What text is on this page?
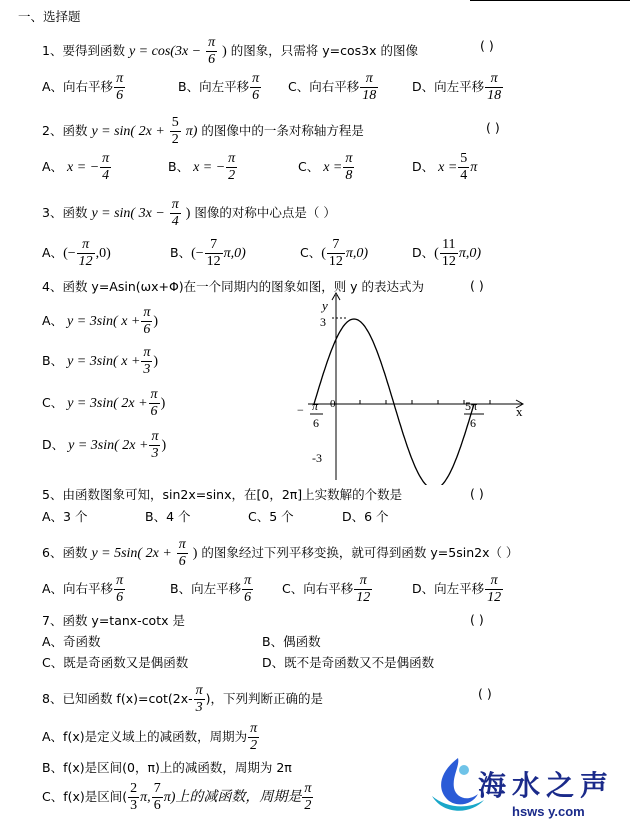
一、选择题
1、要得到函数 $y = \cos(3x - \frac{\pi}{6}$ ) 的图象，只需将 y=cos3x 的图像	( )
A、向右平移 $\frac{\pi}{6}$	B、向左平移 $\frac{\pi}{6}$ C、向右平移 $\frac{\pi}{18}$	D、向左平移 $\frac{\pi}{18}$
2、函数 y = sin( $2x + \frac{5}{2} \pi$) 的图像中的一条对称轴方程是	( )
A、 x = − $\frac{\pi}{4}$	B、 x = − $\frac{\pi}{2}$	C、 $x = \frac{\pi}{8}$	D、 $x = \frac{5}{4}$ π
3、函数 y = sin( $3x - \frac{\pi}{4}$ ) 图像的对称中心点是（ ）
A、(− $\frac{\pi}{12} ,0$)	B、(− $\frac{7}{12} \pi,0$)	C、( $\frac{7}{12} \pi,0$)	D、( $\frac{11}{12} \pi,0$)
4、函数 y=Asin(ωx+Φ)在一个同期内的图象如图，则 y 的表达式为	( )
A、 y = 3sin( $x + \frac{\pi}{6}$ )
B、 y = 3sin( $x + \frac{\pi}{3}$ )
C、 y = 3sin( $2x + \frac{\pi}{6}$ )
D、 y = 3sin( $2x + \frac{\pi}{3}$ )
y
x
3
-3
0
− π
6
5π
6
5、由函数图象可知，sin2x=sinx，在[0，2π]上实数解的个数是	( )
A、3 个	B、4 个	C、5 个	D、6 个
6、函数 y = 5sin( $2x + \frac{\pi}{6}$ ) 的图象经过下列平移变换，就可得到函数 y=5sin2x（ ）
A、向右平移 $\frac{\pi}{6}$	B、向左平移 $\frac{\pi}{6}$ C、向右平移 $\frac{\pi}{12}$	D、向左平移 $\frac{\pi}{12}$
7、函数 y=tanx-cotx 是	( )
A、奇函数	B、偶函数
C、既是奇函数又是偶函数	D、既不是奇函数又不是偶函数
8、已知函数 $f(x)=\cot(2x- \frac{\pi}{3}$ )，下列判断正确的是	( )
A、f(x)是定义域上的减函数，周期为 $\frac{\pi}{2}$
B、f(x)是区间(0，π)上的减函数，周期为 2π
C、f(x)是区间( $\frac{2}{3} \pi$, $\frac{7}{6} \pi$)上的减函数，周期是 $\frac{\pi}{2}$	海水之声
hsws y.com
